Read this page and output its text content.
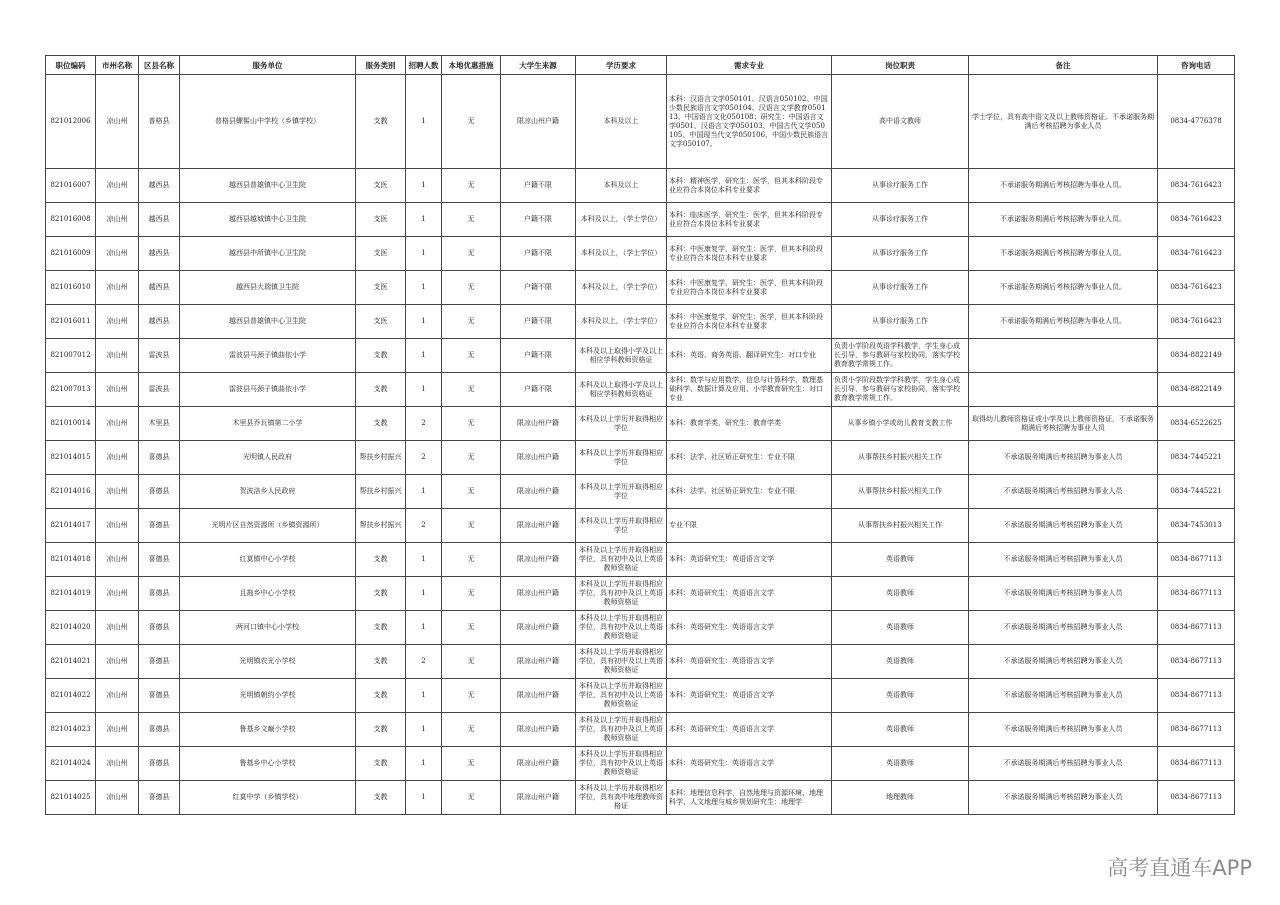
职位编码	市州名称	区县名称	服务单位	服务类别	招聘人数	本地优惠措施	大学生来源	学历要求	需求专业	岗位职责	备注	咨询电话
821012006	凉山州	普格县	普格县螺髻山中学校（乡镇学校）	支教	1	无	限凉山州户籍	本科及以上	本科：汉语言文学050101、汉语言050102、中国少数民族语言文学050104、汉语言文学教育050113、中国语言文化050108；研究生：中国语言文学0501、汉语言文学050103、中国古代文学050105、中国现当代文学050106、中国少数民族语言文学050107。	高中语文教师	学士学位，具有高中语文及以上教师资格证。不承诺服务期满后考核招聘为事业人员	0834-4776378
821016007	凉山州	越西县	越西县普雄镇中心卫生院	支医	1	无	户籍不限	本科及以上	本科：精神医学，研究生：医学，但其本科阶段专业应符合本岗位本科专业要求	从事诊疗服务工作	不承诺服务期满后考核招聘为事业人员。	0834-7616423
821016008	凉山州	越西县	越西县越城镇中心卫生院	支医	1	无	户籍不限	本科及以上，（学士学位）	本科：临床医学，研究生：医学，但其本科阶段专业应符合本岗位本科专业要求	从事诊疗服务工作	不承诺服务期满后考核招聘为事业人员。	0834-7616423
821016009	凉山州	越西县	越西县中所镇中心卫生院	支医	1	无	户籍不限	本科及以上，（学士学位）	本科：中医康复学，研究生：医学，但其本科阶段专业应符合本岗位本科专业要求	从事诊疗服务工作	不承诺服务期满后考核招聘为事业人员。	0834-7616423
821016010	凉山州	越西县	越西县大瑞镇卫生院	支医	1	无	户籍不限	本科及以上，（学士学位）	本科：中医康复学，研究生：医学，但其本科阶段专业应符合本岗位本科专业要求	从事诊疗服务工作	不承诺服务期满后考核招聘为事业人员。	0834-7616423
821016011	凉山州	越西县	越西县普雄镇中心卫生院	支医	1	无	户籍不限	本科及以上，（学士学位）	本科：中医康复学，研究生：医学，但其本科阶段专业应符合本岗位本科专业要求	从事诊疗服务工作	不承诺服务期满后考核招聘为事业人员。	0834-7616423
821007012	凉山州	雷波县	雷波县马颈子镇曲依小学	支教	1	无	户籍不限	本科及以上取得小学及以上相应学科教师资格证	本科：英语、商务英语、翻译研究生：对口专业	负责小学阶段英语学科教学，学生身心成长引导，参与教研与家校协同，落实学校教育教学常规工作。		0834-8822149
821007013	凉山州	雷波县	雷波县马颈子镇曲依小学	支教	1	无	户籍不限	本科及以上取得小学及以上相应学科教师资格证	本科：数学与应用数学、信息与计算科学、数理基础科学、数据计算及应用、小学教育研究生：对口专业	负责小学阶段数学学科教学，学生身心成长引导，参与教研与家校协同，落实学校教育教学常规工作。		0834-8822149
821010014	凉山州	木里县	木里县乔瓦镇第二小学	支教	2	无	限凉山州户籍	本科及以上学历并取得相应学位	本科：教育学类，研究生：教育学类	从事乡镇小学或幼儿教育支教工作	取得幼儿教师资格证或小学及以上教师资格证，不承诺服务期满后考核招聘为事业人员	0834-6522625
821014015	凉山州	喜德县	光明镇人民政府	帮扶乡村振兴	2	无	限凉山州户籍	本科及以上学历并取得相应学位	本科：法学、社区矫正研究生：专业不限	从事帮扶乡村振兴相关工作	不承诺服务期满后考核招聘为事业人员	0834-7445221
821014016	凉山州	喜德县	贺波洛乡人民政府	帮扶乡村振兴	1	无	限凉山州户籍	本科及以上学历并取得相应学位	本科：法学、社区矫正研究生：专业不限	从事帮扶乡村振兴相关工作	不承诺服务期满后考核招聘为事业人员	0834-7445221
821014017	凉山州	喜德县	光明片区自然资源所（乡镇资源所）	帮扶乡村振兴	2	无	限凉山州户籍	本科及以上学历并取得相应学位	专业不限	从事帮扶乡村振兴相关工作	不承诺服务期满后考核招聘为事业人员	0834-7453013
821014018	凉山州	喜德县	红莫镇中心小学校	支教	1	无	限凉山州户籍	本科及以上学历并取得相应学位，具有初中及以上英语教师资格证	本科：英语研究生：英语语言文学	英语教师	不承诺服务期满后考核招聘为事业人员	0834-8677113
821014019	凉山州	喜德县	且拖乡中心小学校	支教	1	无	限凉山州户籍	本科及以上学历并取得相应学位，具有初中及以上英语教师资格证	本科：英语研究生：英语语言文学	英语教师	不承诺服务期满后考核招聘为事业人员	0834-8677113
821014020	凉山州	喜德县	两河口镇中心小学校	支教	1	无	限凉山州户籍	本科及以上学历并取得相应学位，具有初中及以上英语教师资格证	本科：英语研究生：英语语言文学	英语教师	不承诺服务期满后考核招聘为事业人员	0834-8677113
821014021	凉山州	喜德县	光明镇农光小学校	支教	2	无	限凉山州户籍	本科及以上学历并取得相应学位，具有初中及以上英语教师资格证	本科：英语研究生：英语语言文学	英语教师	不承诺服务期满后考核招聘为事业人员	0834-8677113
821014022	凉山州	喜德县	光明镇朝约小学校	支教	1	无	限凉山州户籍	本科及以上学历并取得相应学位，具有初中及以上英语教师资格证	本科：英语研究生：英语语言文学	英语教师	不承诺服务期满后考核招聘为事业人员	0834-8677113
821014023	凉山州	喜德县	鲁基乡文巅小学校	支教	1	无	限凉山州户籍	本科及以上学历并取得相应学位，具有初中及以上英语教师资格证	本科：英语研究生：英语语言文学	英语教师	不承诺服务期满后考核招聘为事业人员	0834-8677113
821014024	凉山州	喜德县	鲁基乡中心小学校	支教	1	无	限凉山州户籍	本科及以上学历并取得相应学位，具有初中及以上英语教师资格证	本科：英语研究生：英语语言文学	英语教师	不承诺服务期满后考核招聘为事业人员	0834-8677113
821014025	凉山州	喜德县	红莫中学（乡镇学校）	支教	1	无	限凉山州户籍	本科及以上学历并取得相应学位，具有高中地理教师资格证	本科：地理信息科学、自然地理与资源环境、地理科学、人文地理与城乡规划研究生：地理学	地理教师	不承诺服务期满后考核招聘为事业人员	0834-8677113
高考直通车APP
